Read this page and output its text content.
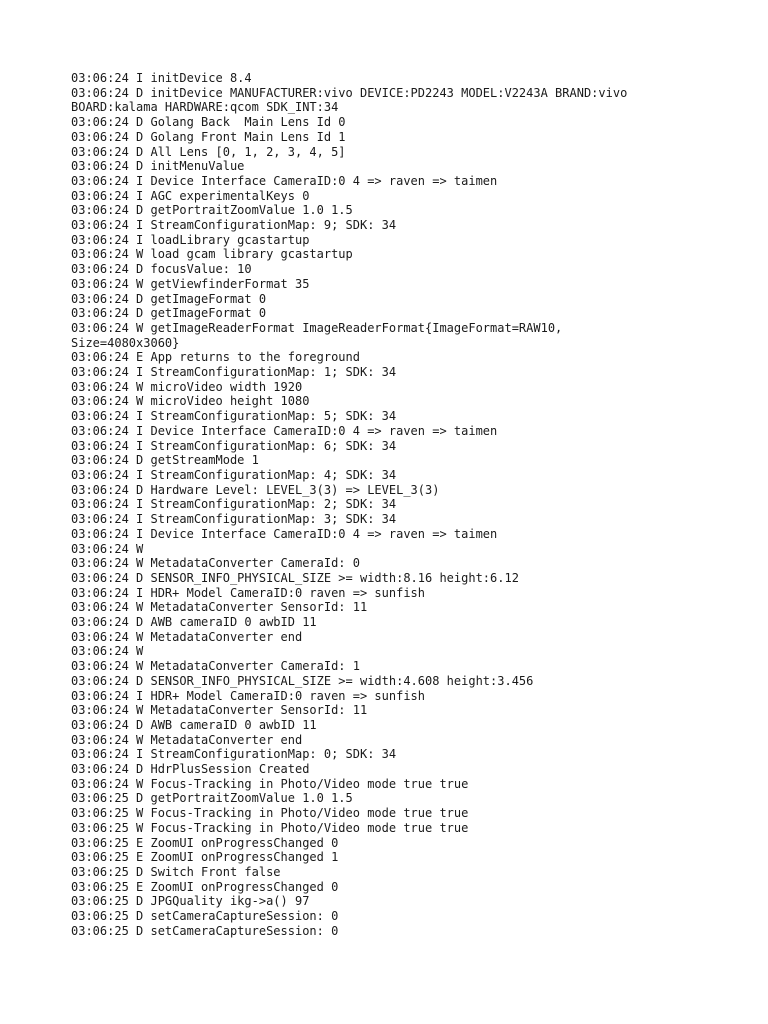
03:06:24 I initDevice 8.4
03:06:24 D initDevice MANUFACTURER:vivo DEVICE:PD2243 MODEL:V2243A BRAND:vivo
BOARD:kalama HARDWARE:qcom SDK_INT:34
03:06:24 D Golang Back  Main Lens Id 0
03:06:24 D Golang Front Main Lens Id 1
03:06:24 D All Lens [0, 1, 2, 3, 4, 5]
03:06:24 D initMenuValue
03:06:24 I Device Interface CameraID:0 4 => raven => taimen
03:06:24 I AGC experimentalKeys 0
03:06:24 D getPortraitZoomValue 1.0 1.5
03:06:24 I StreamConfigurationMap: 9; SDK: 34
03:06:24 I loadLibrary gcastartup
03:06:24 W load gcam library gcastartup
03:06:24 D focusValue: 10
03:06:24 W getViewfinderFormat 35
03:06:24 D getImageFormat 0
03:06:24 D getImageFormat 0
03:06:24 W getImageReaderFormat ImageReaderFormat{ImageFormat=RAW10,
Size=4080x3060}
03:06:24 E App returns to the foreground
03:06:24 I StreamConfigurationMap: 1; SDK: 34
03:06:24 W microVideo width 1920
03:06:24 W microVideo height 1080
03:06:24 I StreamConfigurationMap: 5; SDK: 34
03:06:24 I Device Interface CameraID:0 4 => raven => taimen
03:06:24 I StreamConfigurationMap: 6; SDK: 34
03:06:24 D getStreamMode 1
03:06:24 I StreamConfigurationMap: 4; SDK: 34
03:06:24 D Hardware Level: LEVEL_3(3) => LEVEL_3(3)
03:06:24 I StreamConfigurationMap: 2; SDK: 34
03:06:24 I StreamConfigurationMap: 3; SDK: 34
03:06:24 I Device Interface CameraID:0 4 => raven => taimen
03:06:24 W
03:06:24 W MetadataConverter CameraId: 0
03:06:24 D SENSOR_INFO_PHYSICAL_SIZE >= width:8.16 height:6.12
03:06:24 I HDR+ Model CameraID:0 raven => sunfish
03:06:24 W MetadataConverter SensorId: 11
03:06:24 D AWB cameraID 0 awbID 11
03:06:24 W MetadataConverter end
03:06:24 W
03:06:24 W MetadataConverter CameraId: 1
03:06:24 D SENSOR_INFO_PHYSICAL_SIZE >= width:4.608 height:3.456
03:06:24 I HDR+ Model CameraID:0 raven => sunfish
03:06:24 W MetadataConverter SensorId: 11
03:06:24 D AWB cameraID 0 awbID 11
03:06:24 W MetadataConverter end
03:06:24 I StreamConfigurationMap: 0; SDK: 34
03:06:24 D HdrPlusSession Created
03:06:24 W Focus-Tracking in Photo/Video mode true true
03:06:25 D getPortraitZoomValue 1.0 1.5
03:06:25 W Focus-Tracking in Photo/Video mode true true
03:06:25 W Focus-Tracking in Photo/Video mode true true
03:06:25 E ZoomUI onProgressChanged 0
03:06:25 E ZoomUI onProgressChanged 1
03:06:25 D Switch Front false
03:06:25 E ZoomUI onProgressChanged 0
03:06:25 D JPGQuality ikg->a() 97
03:06:25 D setCameraCaptureSession: 0
03:06:25 D setCameraCaptureSession: 0
